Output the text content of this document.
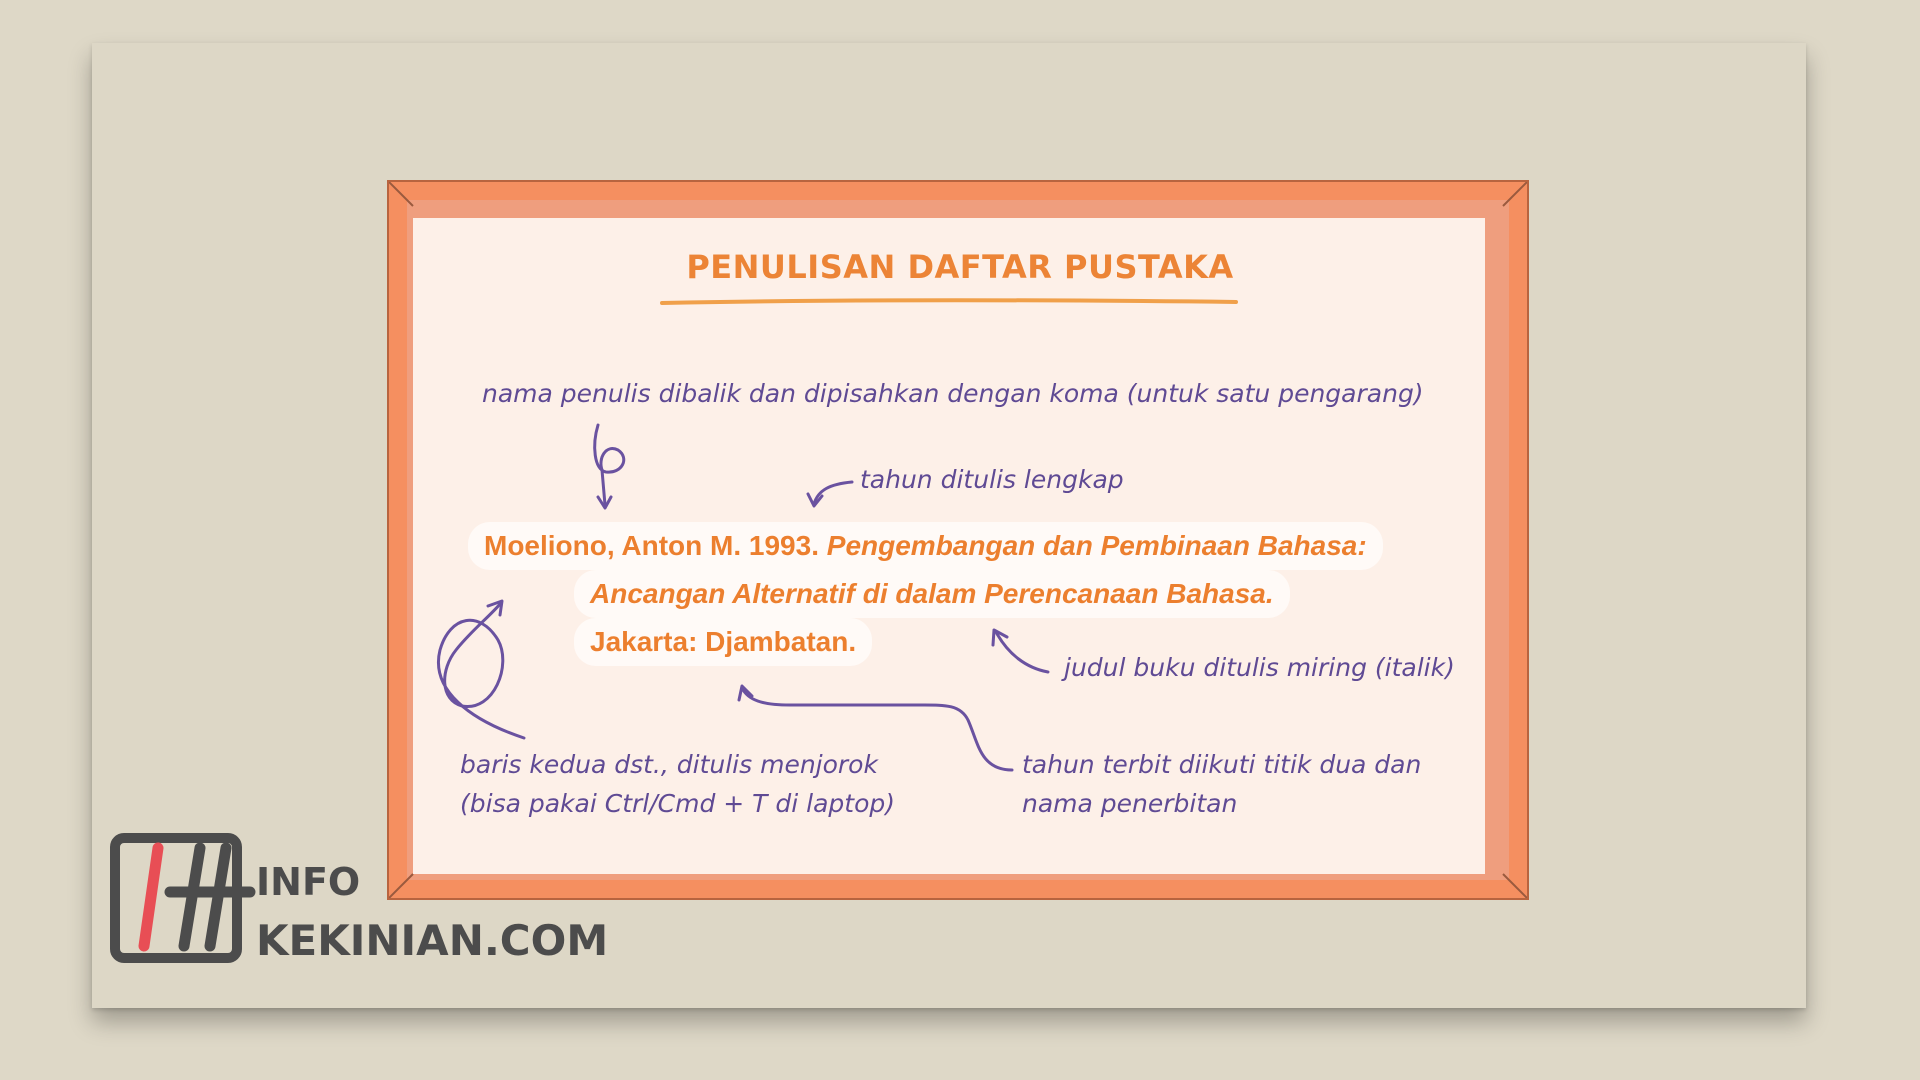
PENULISAN DAFTAR PUSTAKA
nama penulis dibalik dan dipisahkan dengan koma (untuk satu pengarang)
tahun ditulis lengkap
judul buku ditulis miring (italik)
baris kedua dst., ditulis menjorok
(bisa pakai Ctrl/Cmd + T di laptop)
tahun terbit diikuti titik dua dan
nama penerbitan
Moeliono, Anton M. 1993. Pengembangan dan Pembinaan Bahasa:
Ancangan Alternatif di dalam Perencanaan Bahasa.
Jakarta: Djambatan.
INFO
KEKINIAN.COM
